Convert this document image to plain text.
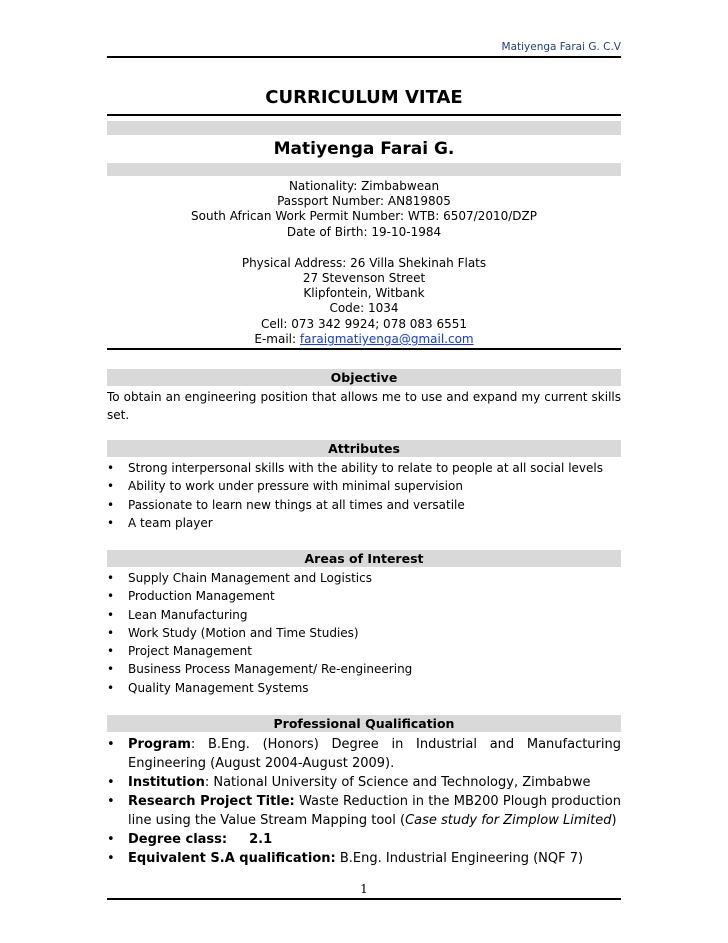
Matiyenga Farai G. C.V
CURRICULUM VITAE
Matiyenga Farai G.
Nationality: Zimbabwean
Passport Number: AN819805
South African Work Permit Number: WTB: 6507/2010/DZP
Date of Birth: 19-10-1984
Physical Address: 26 Villa Shekinah Flats
27 Stevenson Street
Klipfontein, Witbank
Code: 1034
Cell: 073 342 9924; 078 083 6551
E-mail: faraigmatiyenga@gmail.com
Objective
To obtain an engineering position that allows me to use and expand my current skills set.
Attributes
• Strong interpersonal skills with the ability to relate to people at all social levels
• Ability to work under pressure with minimal supervision
• Passionate to learn new things at all times and versatile
• A team player
Areas of Interest
• Supply Chain Management and Logistics
• Production Management
• Lean Manufacturing
• Work Study (Motion and Time Studies)
• Project Management
• Business Process Management/ Re-engineering
• Quality Management Systems
Professional Qualification
• Program: B.Eng. (Honors) Degree in Industrial and Manufacturing Engineering (August 2004-August 2009).
• Institution: National University of Science and Technology, Zimbabwe
• Research Project Title: Waste Reduction in the MB200 Plough production line using the Value Stream Mapping tool (Case study for Zimplow Limited)
• Degree class: 2.1
• Equivalent S.A qualification: B.Eng. Industrial Engineering (NQF 7)
1
